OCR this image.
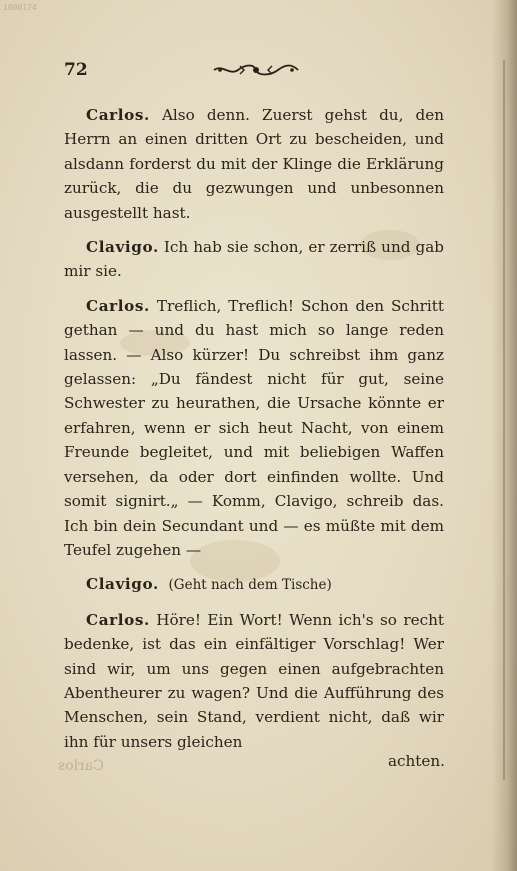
1000174
72

Carlos. Also denn. Zuerst gehst du, den Herrn an einen dritten Ort zu bescheiden, und alsdann forderst du mit der Klinge die Erklärung zurück, die du gezwungen und unbesonnen ausgestellt hast.

Clavigo. Ich hab sie schon, er zerriß und gab mir sie.

Carlos. Treflich, Treflich! Schon den Schritt gethan — und du hast mich so lange reden lassen. — Also kürzer! Du schreibst ihm ganz gelassen: „Du fändest nicht für gut, seine Schwester zu heurathen, die Ursache könnte er erfahren, wenn er sich heut Nacht, von einem Freunde begleitet, und mit beliebigen Waffen versehen, da oder dort einfinden wollte. Und somit signirt.„ — Komm, Clavigo, schreib das. Ich bin dein Secundant und — es müßte mit dem Teufel zugehen —

Clavigo. (Geht nach dem Tische)

Carlos. Höre! Ein Wort! Wenn ich's so recht bedenke, ist das ein einfältiger Vorschlag! Wer sind wir, um uns gegen einen aufgebrachten Abentheurer zu wagen? Und die Aufführung des Menschen, sein Stand, verdient nicht, daß wir ihn für unsers gleichen

Carlos	achten.
